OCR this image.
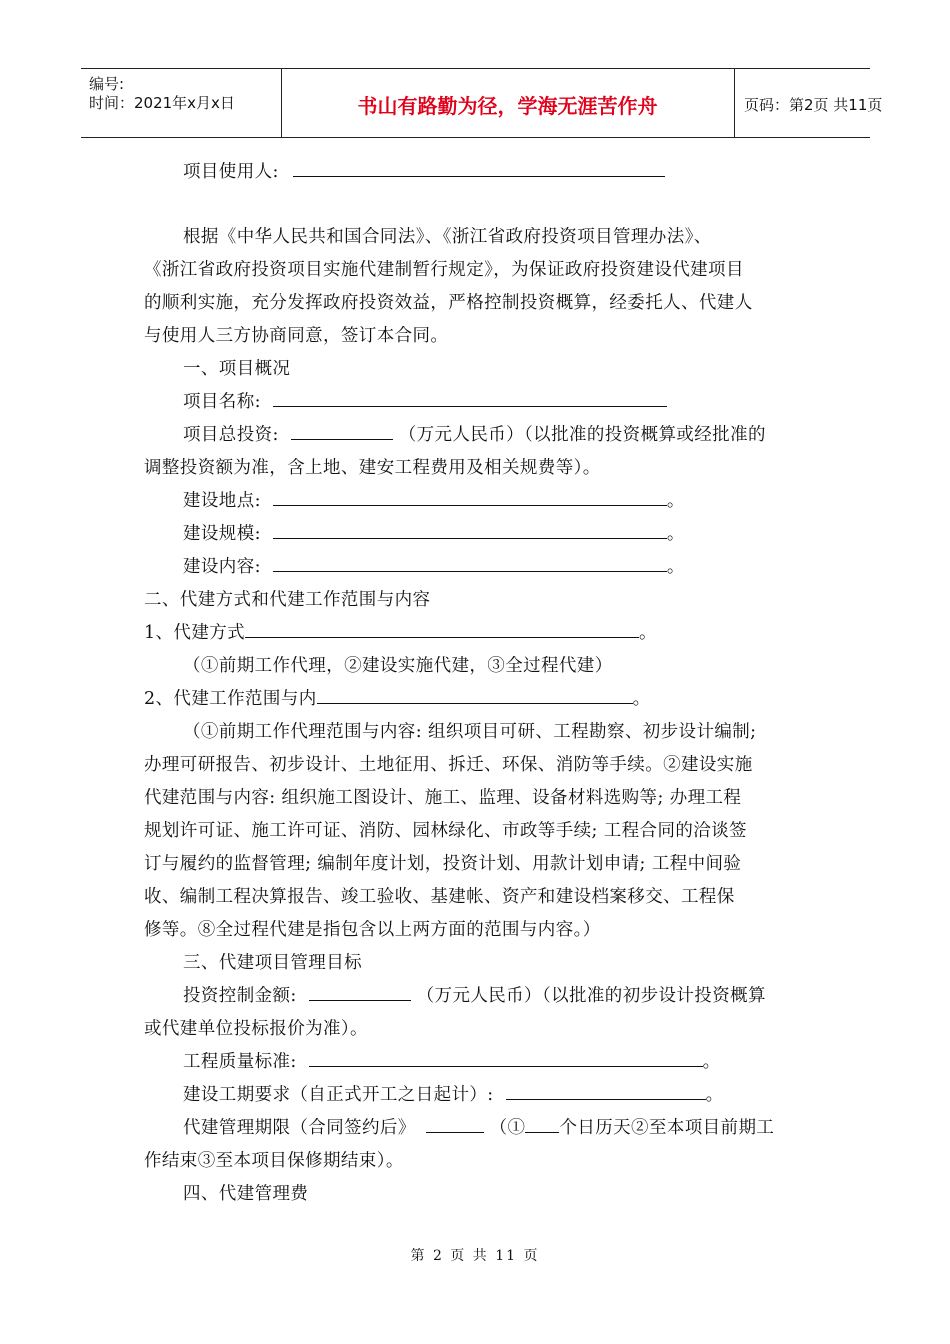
编号:
时间：2021年x月x日	书山有路勤为径，学海无涯苦作舟	页码：第2页 共11页
项目使用人:
根据《中华人民共和国合同法》、《浙江省政府投资项目管理办法》、
《浙江省政府投资项目实施代建制暂行规定》，为保证政府投资建设代建项目
的顺利实施，充分发挥政府投资效益，严格控制投资概算，经委托人、代建人
与使用人三方协商同意，签订本合同。
一、项目概况
项目名称:
项目总投资:	（万元人民币）（以批准的投资概算或经批准的
调整投资额为准，含上地、建安工程费用及相关规费等）。
建设地点:	。
建设规模:	。
建设内容:	。
二、代建方式和代建工作范围与内容
1、代建方式	。
（①前期工作代理，②建设实施代建，③全过程代建）
2、代建工作范围与内	。
（①前期工作代理范围与内容: 组织项目可研、工程勘察、初步设计编制;
办理可研报告、初步设计、土地征用、拆迁、环保、消防等手续。②建设实施
代建范围与内容: 组织施工图设计、施工、监理、设备材料选购等; 办理工程
规划许可证、施工许可证、消防、园林绿化、市政等手续; 工程合同的洽谈签
订与履约的监督管理; 编制年度计划，投资计划、用款计划申请; 工程中间验
收、编制工程决算报告、竣工验收、基建帐、资产和建设档案移交、工程保
修等。⑧全过程代建是指包含以上两方面的范围与内容。）
三、代建项目管理目标
投资控制金额:	（万元人民币）（以批准的初步设计投资概算
或代建单位投标报价为准）。
工程质量标准:	。
建设工期要求（自正式开工之日起计）:	。
代建管理期限（合同签约后》	（① 个日历天②至本项目前期工
作结束③至本项目保修期结束）。
四、代建管理费
第 2 页 共 11 页
